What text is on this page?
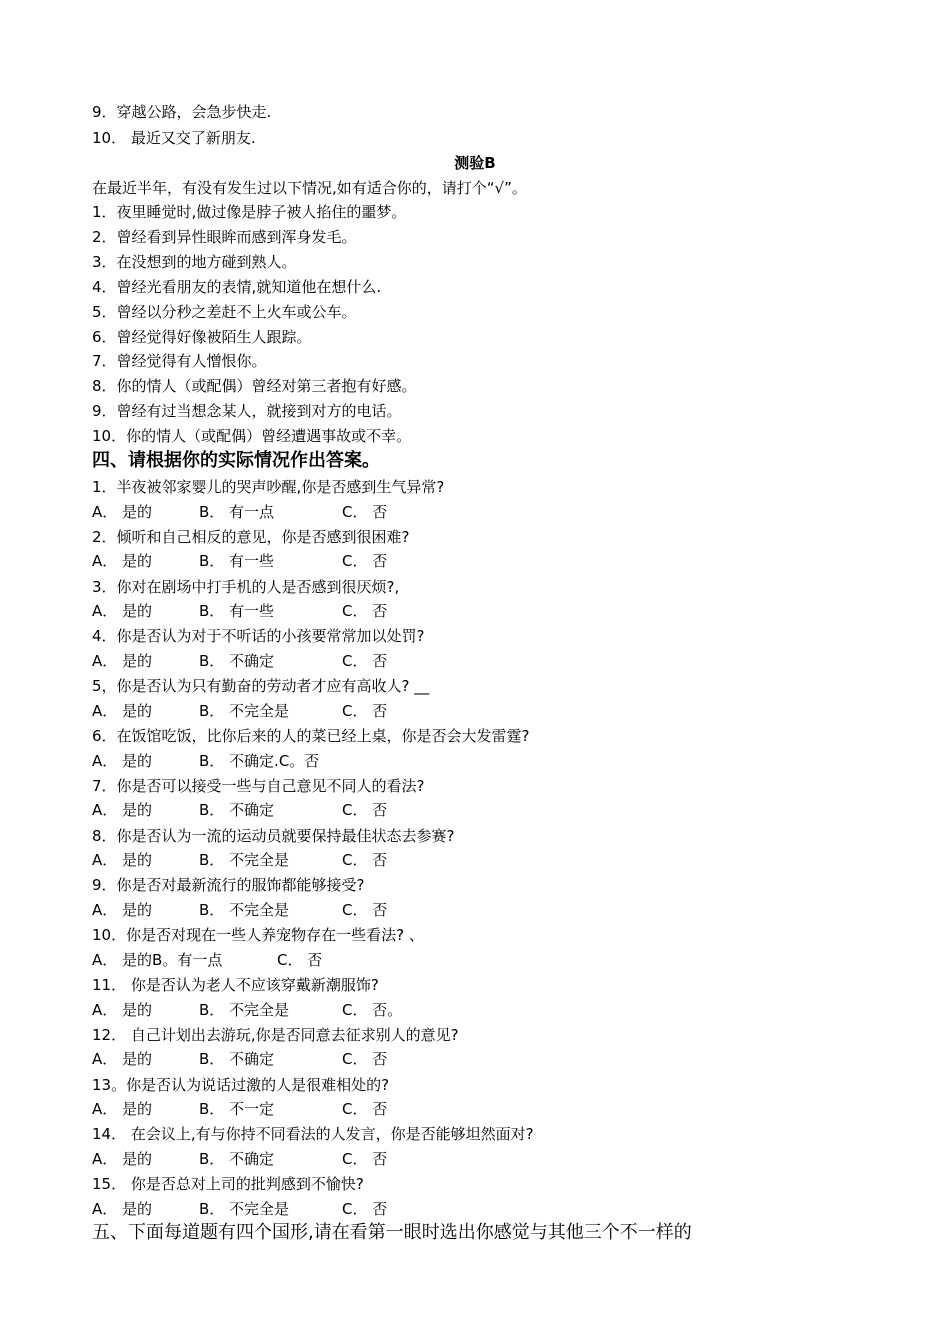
9．穿越公路，会急步快走.
10． 最近又交了新朋友.
测验B
在最近半年，有没有发生过以下情况,如有适合你的，请打个“√”。
1．夜里睡觉时,做过像是脖子被人掐住的噩梦。
2．曾经看到异性眼眸而感到浑身发毛。
3．在没想到的地方碰到熟人。
4．曾经光看朋友的表情,就知道他在想什么.
5．曾经以分秒之差赶不上火车或公车。
6．曾经觉得好像被陌生人跟踪。
7．曾经觉得有人憎恨你。
8．你的情人（或配偶）曾经对第三者抱有好感。
9．曾经有过当想念某人，就接到对方的电话。
10．你的情人（或配偶）曾经遭遇事故或不幸。
四、请根据你的实际情况作出答案。
1．半夜被邻家婴儿的哭声吵醒,你是否感到生气异常?
A． 是的	B． 有一点	C． 否
2．倾听和自己相反的意见，你是否感到很困难?
A． 是的	B． 有一些	C． 否
3．你对在剧场中打手机的人是否感到很厌烦?,
A． 是的	B． 有一些	C． 否
4．你是否认为对于不听话的小孩要常常加以处罚?
A． 是的	B． 不确定	C． 否
5，你是否认为只有勤奋的劳动者才应有高收人? __
A． 是的	B． 不完全是	C． 否
6．在饭馆吃饭，比你后来的人的菜已经上桌，你是否会大发雷霆?
A． 是的	B． 不确定.C。否
7．你是否可以接受一些与自己意见不同人的看法?
A． 是的	B． 不确定	C． 否
8．你是否认为一流的运动员就要保持最佳状态去参赛?
A． 是的	B． 不完全是	C． 否
9．你是否对最新流行的服饰都能够接受?
A． 是的	B． 不完全是	C． 否
10．你是否对现在一些人养宠物存在一些看法? 、
A． 是的B。有一点	C． 否
11． 你是否认为老人不应该穿戴新潮服饰?
A． 是的	B． 不完全是	C． 否。
12． 自己计划出去游玩,你是否同意去征求别人的意见?
A． 是的	B． 不确定	C． 否
13。你是否认为说话过激的人是很难相处的?
A． 是的	B． 不一定	C． 否
14． 在会议上,有与你持不同看法的人发言，你是否能够坦然面对?
A． 是的	B． 不确定	C． 否
15． 你是否总对上司的批判感到不愉快?
A． 是的	B． 不完全是	C． 否
五、下面每道题有四个国形,请在看第一眼时选出你感觉与其他三个不一样的
